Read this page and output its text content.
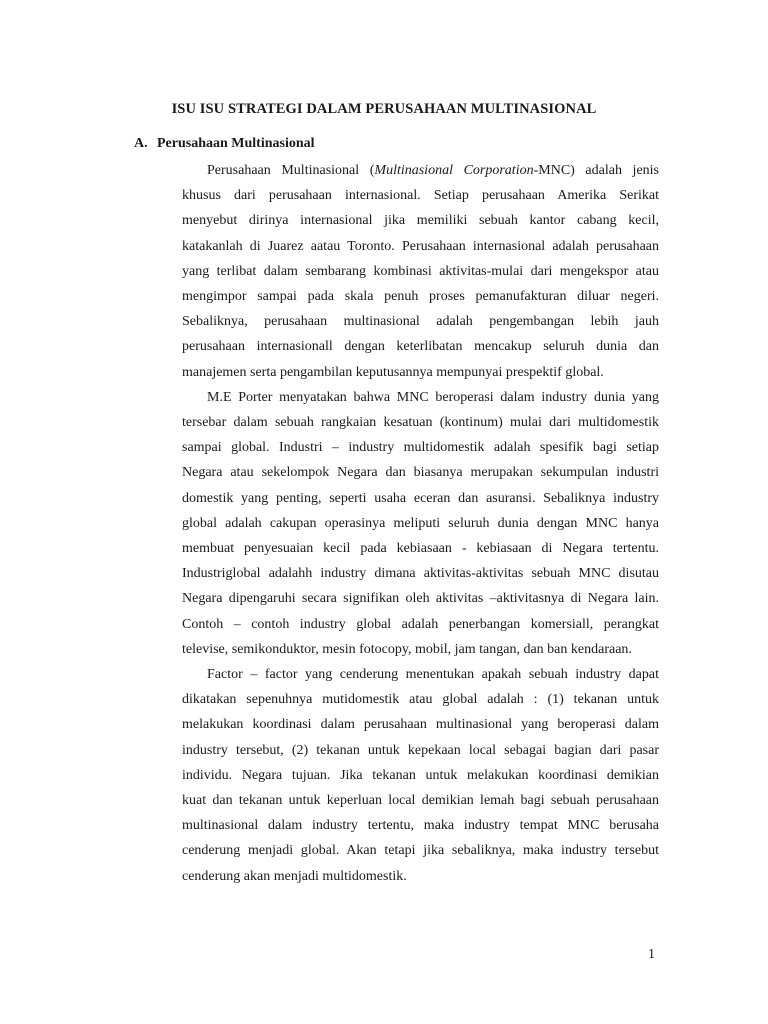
ISU ISU STRATEGI DALAM PERUSAHAAN MULTINASIONAL
A. Perusahaan Multinasional
Perusahaan Multinasional (Multinasional Corporation-MNC) adalah jenis
khusus dari perusahaan internasional. Setiap perusahaan Amerika Serikat
menyebut dirinya internasional jika memiliki sebuah kantor cabang kecil,
katakanlah di Juarez aatau Toronto. Perusahaan internasional adalah perusahaan
yang terlibat dalam sembarang kombinasi aktivitas-mulai dari mengekspor atau
mengimpor sampai pada skala penuh proses pemanufakturan diluar negeri.
Sebaliknya, perusahaan multinasional adalah pengembangan lebih jauh
perusahaan internasionall dengan keterlibatan mencakup seluruh dunia dan
manajemen serta pengambilan keputusannya mempunyai prespektif global.
M.E Porter menyatakan bahwa MNC beroperasi dalam industry dunia yang
tersebar dalam sebuah rangkaian kesatuan (kontinum) mulai dari multidomestik
sampai global. Industri – industry multidomestik adalah spesifik bagi setiap
Negara atau sekelompok Negara dan biasanya merupakan sekumpulan industri
domestik yang penting, seperti usaha eceran dan asuransi. Sebaliknya industry
global adalah cakupan operasinya meliputi seluruh dunia dengan MNC hanya
membuat penyesuaian kecil pada kebiasaan - kebiasaan di Negara tertentu.
Industriglobal adalahh industry dimana aktivitas-aktivitas sebuah MNC disutau
Negara dipengaruhi secara signifikan oleh aktivitas –aktivitasnya di Negara lain.
Contoh – contoh industry global adalah penerbangan komersiall, perangkat
televise, semikonduktor, mesin fotocopy, mobil, jam tangan, dan ban kendaraan.
Factor – factor yang cenderung menentukan apakah sebuah industry dapat
dikatakan sepenuhnya mutidomestik atau global adalah : (1) tekanan untuk
melakukan koordinasi dalam perusahaan multinasional yang beroperasi dalam
industry tersebut, (2) tekanan untuk kepekaan local sebagai bagian dari pasar
individu. Negara tujuan. Jika tekanan untuk melakukan koordinasi demikian
kuat dan tekanan untuk keperluan local demikian lemah bagi sebuah perusahaan
multinasional dalam industry tertentu, maka industry tempat MNC berusaha
cenderung menjadi global. Akan tetapi jika sebaliknya, maka industry tersebut
cenderung akan menjadi multidomestik.
1
